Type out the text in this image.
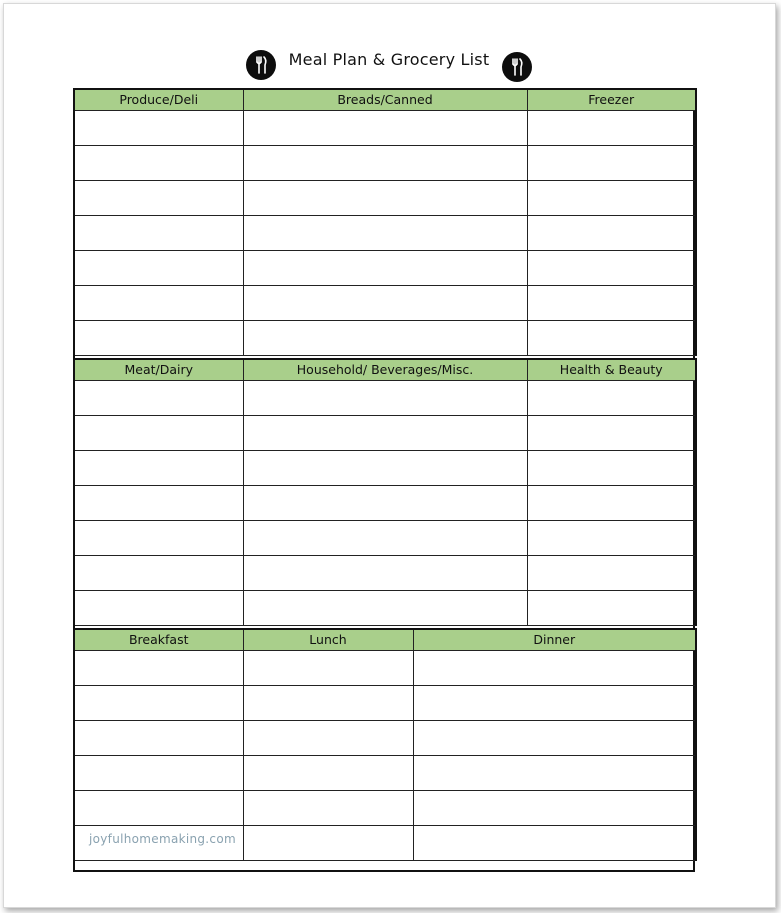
Meal Plan & Grocery List
Produce/Deli	Breads/Canned	Freezer

Meat/Dairy	Household/ Beverages/Misc.	Health & Beauty

Breakfast	Lunch	Dinner

joyfulhomemaking.com
